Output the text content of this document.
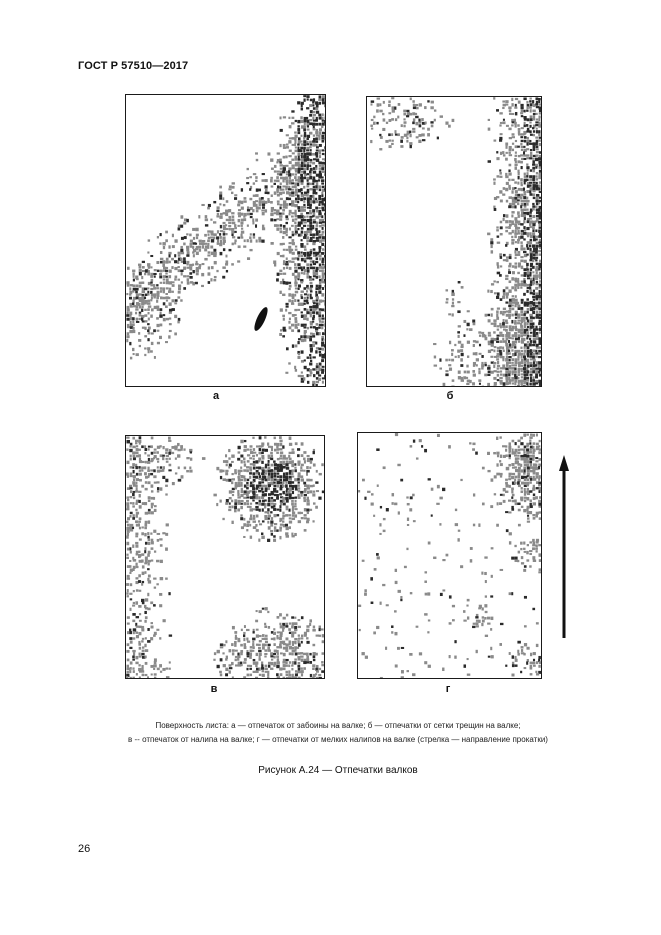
ГОСТ Р 57510—2017
а	б
в	г
Поверхность листа: а — отпечаток от забоины на валке; б — отпечатки от сетки трещин на валке;
в -- отпечаток от налипа на валке; г — отпечатки от мелких налипов на валке (стрелка — направление прокатки)
Рисунок А.24 — Отпечатки валков
26
